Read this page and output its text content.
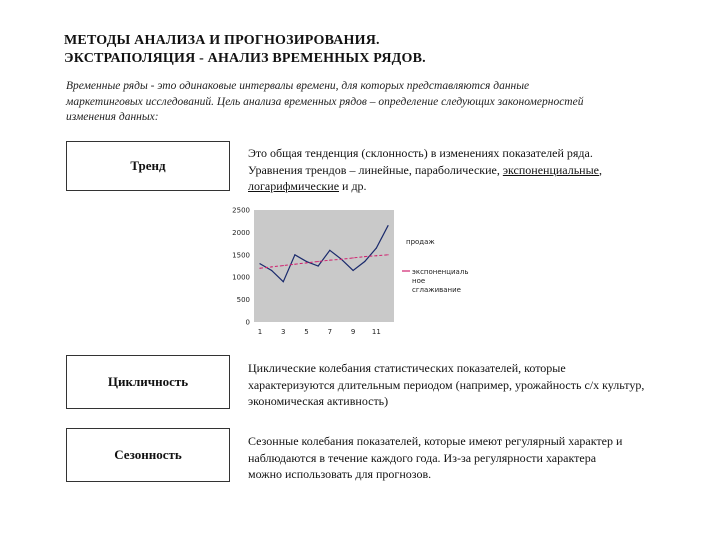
МЕТОДЫ АНАЛИЗА И ПРОГНОЗИРОВАНИЯ.
ЭКСТРАПОЛЯЦИЯ - АНАЛИЗ ВРЕМЕННЫХ РЯДОВ.
Временные ряды - это одинаковые интервалы времени, для которых представляются данные маркетинговых исследований. Цель анализа временных рядов – определение следующих закономерностей изменения данных:
Тренд
Это общая тенденция (склонность) в изменениях показателей ряда. Уравнения трендов – линейные, параболические, экспоненциальные, логарифмические и др.
2500
2000
1500
1000
500
0
1	3	5	7	9 11
продаж
экспоненциаль
ное
сглаживание
Цикличность
Циклические колебания статистических показателей, которые характеризуются длительным периодом (например, урожайность с/х культур, экономическая активность)
Сезонность
Сезонные колебания показателей, которые имеют регулярный характер и наблюдаются в течение каждого года. Из-за регулярности характера можно использовать для прогнозов.
